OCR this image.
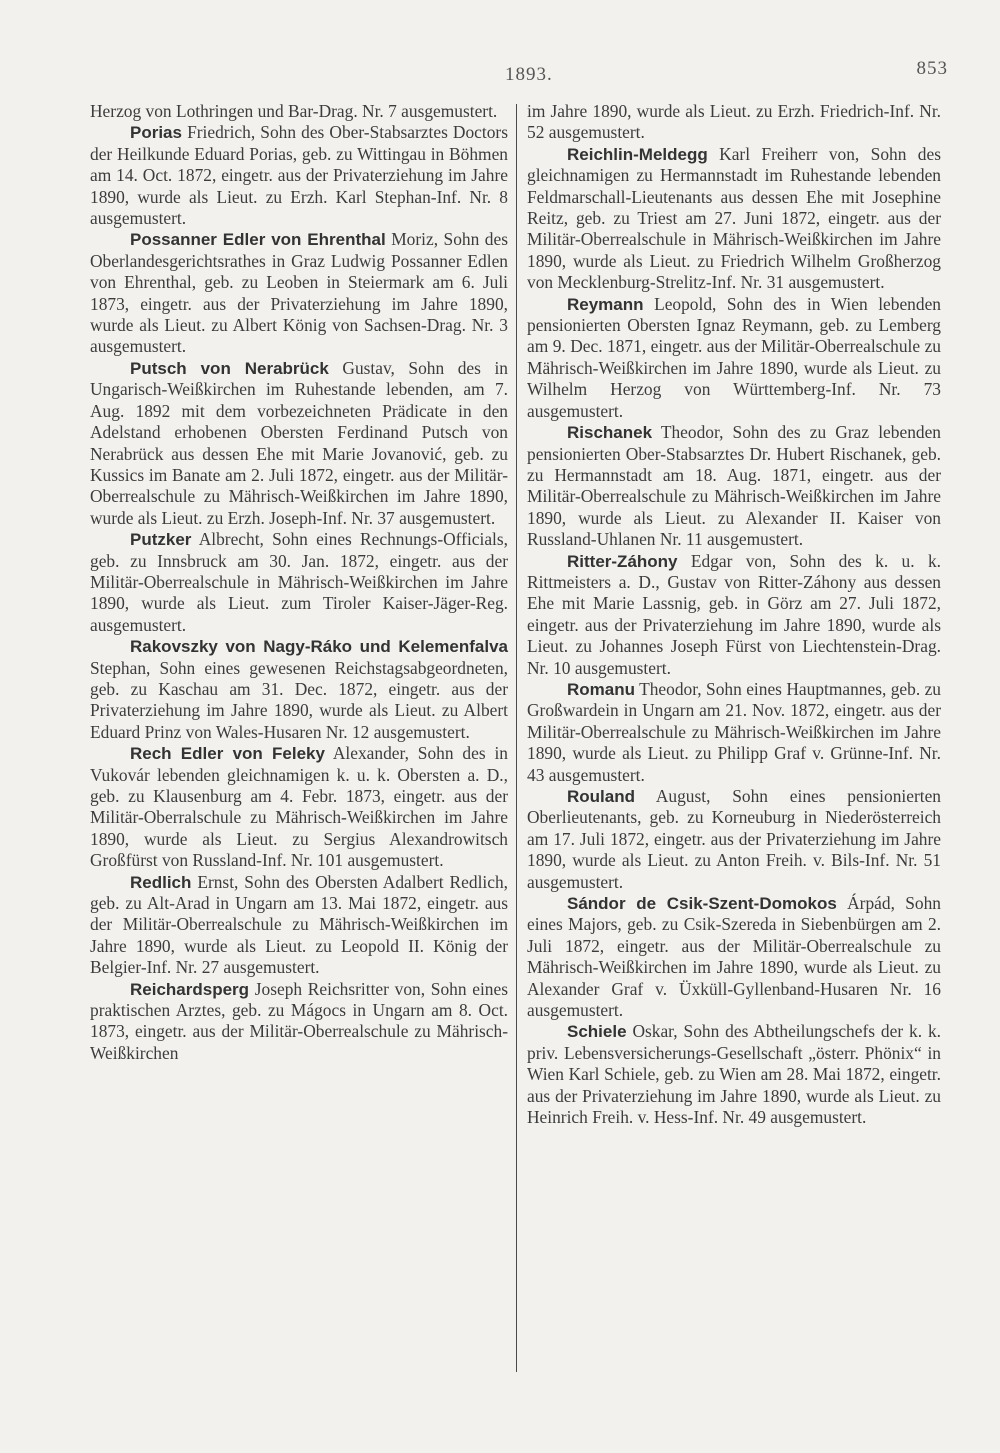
1893.	853

Herzog von Lothringen und Bar-Drag. Nr. 7 ausgemustert.

Porias Friedrich, Sohn des Ober-Stabsarztes Doctors der Heilkunde Eduard Porias, geb. zu Wittingau in Böhmen am 14. Oct. 1872, eingetr. aus der Privaterziehung im Jahre 1890, wurde als Lieut. zu Erzh. Karl Stephan-Inf. Nr. 8 ausgemustert.

Possanner Edler von Ehrenthal Moriz, Sohn des Oberlandesgerichtsrathes in Graz Ludwig Possanner Edlen von Ehrenthal, geb. zu Leoben in Steiermark am 6. Juli 1873, eingetr. aus der Privaterziehung im Jahre 1890, wurde als Lieut. zu Albert König von Sachsen-Drag. Nr. 3 ausgemustert.

Putsch von Nerabrück Gustav, Sohn des in Ungarisch-Weißkirchen im Ruhestande lebenden, am 7. Aug. 1892 mit dem vorbezeichneten Prädicate in den Adelstand erhobenen Obersten Ferdinand Putsch von Nerabrück aus dessen Ehe mit Marie Jovanović, geb. zu Kussics im Banate am 2. Juli 1872, eingetr. aus der Militär-Oberrealschule zu Mährisch-Weißkirchen im Jahre 1890, wurde als Lieut. zu Erzh. Joseph-Inf. Nr. 37 ausgemustert.

Putzker Albrecht, Sohn eines Rechnungs-Officials, geb. zu Innsbruck am 30. Jan. 1872, eingetr. aus der Militär-Oberrealschule in Mährisch-Weißkirchen im Jahre 1890, wurde als Lieut. zum Tiroler Kaiser-Jäger-Reg. ausgemustert.

Rakovszky von Nagy-Ráko und Kelemenfalva Stephan, Sohn eines gewesenen Reichstagsabgeordneten, geb. zu Kaschau am 31. Dec. 1872, eingetr. aus der Privaterziehung im Jahre 1890, wurde als Lieut. zu Albert Eduard Prinz von Wales-Husaren Nr. 12 ausgemustert.

Rech Edler von Feleky Alexander, Sohn des in Vukovár lebenden gleichnamigen k. u. k. Obersten a. D., geb. zu Klausenburg am 4. Febr. 1873, eingetr. aus der Militär-Oberralschule zu Mährisch-Weißkirchen im Jahre 1890, wurde als Lieut. zu Sergius Alexandrowitsch Großfürst von Russland-Inf. Nr. 101 ausgemustert.

Redlich Ernst, Sohn des Obersten Adalbert Redlich, geb. zu Alt-Arad in Ungarn am 13. Mai 1872, eingetr. aus der Militär-Oberrealschule zu Mährisch-Weißkirchen im Jahre 1890, wurde als Lieut. zu Leopold II. König der Belgier-Inf. Nr. 27 ausgemustert.

Reichardsperg Joseph Reichsritter von, Sohn eines praktischen Arztes, geb. zu Mágocs in Ungarn am 8. Oct. 1873, eingetr. aus der Militär-Oberrealschule zu Mährisch-Weißkirchen

im Jahre 1890, wurde als Lieut. zu Erzh. Friedrich-Inf. Nr. 52 ausgemustert.

Reichlin-Meldegg Karl Freiherr von, Sohn des gleichnamigen zu Hermannstadt im Ruhestande lebenden Feldmarschall-Lieutenants aus dessen Ehe mit Josephine Reitz, geb. zu Triest am 27. Juni 1872, eingetr. aus der Militär-Oberrealschule in Mährisch-Weißkirchen im Jahre 1890, wurde als Lieut. zu Friedrich Wilhelm Großherzog von Mecklenburg-Strelitz-Inf. Nr. 31 ausgemustert.

Reymann Leopold, Sohn des in Wien lebenden pensionierten Obersten Ignaz Reymann, geb. zu Lemberg am 9. Dec. 1871, eingetr. aus der Militär-Oberrealschule zu Mährisch-Weißkirchen im Jahre 1890, wurde als Lieut. zu Wilhelm Herzog von Württemberg-Inf. Nr. 73 ausgemustert.

Rischanek Theodor, Sohn des zu Graz lebenden pensionierten Ober-Stabsarztes Dr. Hubert Rischanek, geb. zu Hermannstadt am 18. Aug. 1871, eingetr. aus der Militär-Oberrealschule zu Mährisch-Weißkirchen im Jahre 1890, wurde als Lieut. zu Alexander II. Kaiser von Russland-Uhlanen Nr. 11 ausgemustert.

Ritter-Záhony Edgar von, Sohn des k. u. k. Rittmeisters a. D., Gustav von Ritter-Záhony aus dessen Ehe mit Marie Lassnig, geb. in Görz am 27. Juli 1872, eingetr. aus der Privaterziehung im Jahre 1890, wurde als Lieut. zu Johannes Joseph Fürst von Liechtenstein-Drag. Nr. 10 ausgemustert.

Romanu Theodor, Sohn eines Hauptmannes, geb. zu Großwardein in Ungarn am 21. Nov. 1872, eingetr. aus der Militär-Oberrealschule zu Mährisch-Weißkirchen im Jahre 1890, wurde als Lieut. zu Philipp Graf v. Grünne-Inf. Nr. 43 ausgemustert.

Rouland August, Sohn eines pensionierten Oberlieutenants, geb. zu Korneuburg in Niederösterreich am 17. Juli 1872, eingetr. aus der Privaterziehung im Jahre 1890, wurde als Lieut. zu Anton Freih. v. Bils-Inf. Nr. 51 ausgemustert.

Sándor de Csik-Szent-Domokos Árpád, Sohn eines Majors, geb. zu Csik-Szereda in Siebenbürgen am 2. Juli 1872, eingetr. aus der Militär-Oberrealschule zu Mährisch-Weißkirchen im Jahre 1890, wurde als Lieut. zu Alexander Graf v. Üxküll-Gyllenband-Husaren Nr. 16 ausgemustert.

Schiele Oskar, Sohn des Abtheilungschefs der k. k. priv. Lebensversicherungs-Gesellschaft „österr. Phönix“ in Wien Karl Schiele, geb. zu Wien am 28. Mai 1872, eingetr. aus der Privaterziehung im Jahre 1890, wurde als Lieut. zu Heinrich Freih. v. Hess-Inf. Nr. 49 ausgemustert.
